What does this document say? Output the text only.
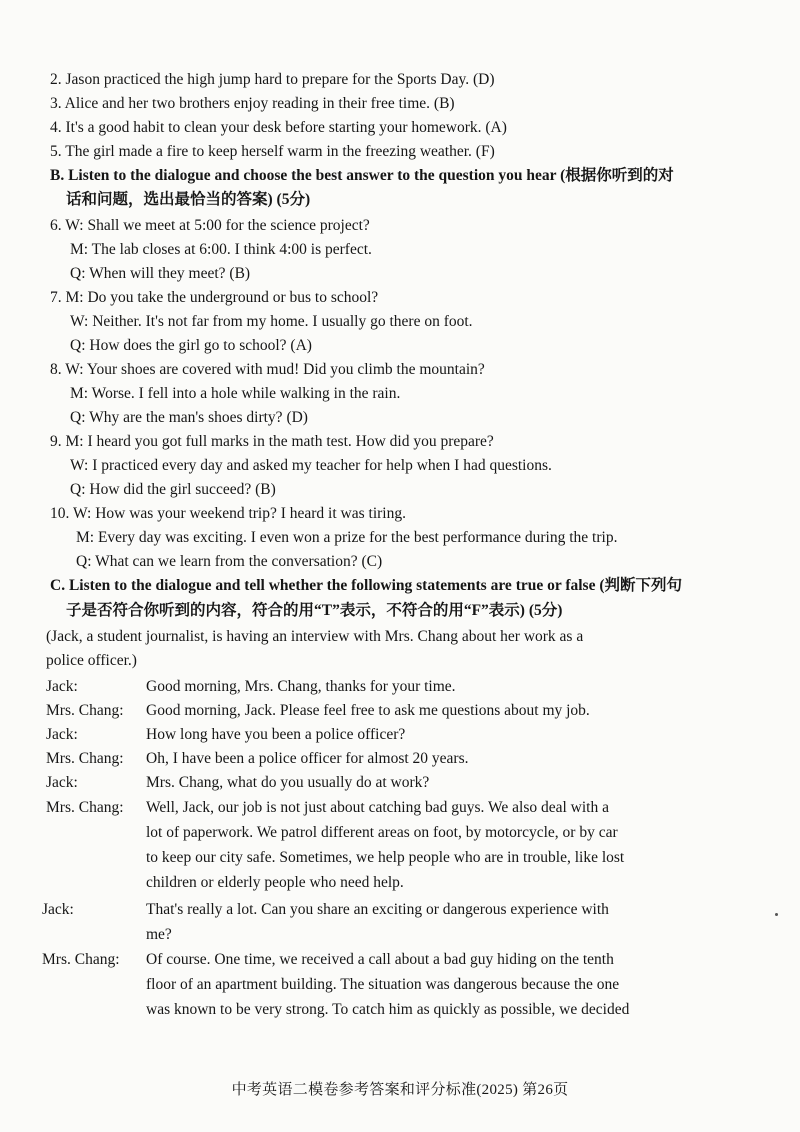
2. Jason practiced the high jump hard to prepare for the Sports Day. (D)
3. Alice and her two brothers enjoy reading in their free time. (B)
4. It's a good habit to clean your desk before starting your homework. (A)
5. The girl made a fire to keep herself warm in the freezing weather. (F)
B. Listen to the dialogue and choose the best answer to the question you hear (根据你听到的对
话和问题，选出最恰当的答案) (5分)
6. W: Shall we meet at 5:00 for the science project?
M: The lab closes at 6:00. I think 4:00 is perfect.
Q: When will they meet? (B)
7. M: Do you take the underground or bus to school?
W: Neither. It's not far from my home. I usually go there on foot.
Q: How does the girl go to school? (A)
8. W: Your shoes are covered with mud! Did you climb the mountain?
M: Worse. I fell into a hole while walking in the rain.
Q: Why are the man's shoes dirty? (D)
9. M: I heard you got full marks in the math test. How did you prepare?
W: I practiced every day and asked my teacher for help when I had questions.
Q: How did the girl succeed? (B)
10. W: How was your weekend trip? I heard it was tiring.
M: Every day was exciting. I even won a prize for the best performance during the trip.
Q: What can we learn from the conversation? (C)
C. Listen to the dialogue and tell whether the following statements are true or false (判断下列句
子是否符合你听到的内容，符合的用“T”表示，不符合的用“F”表示) (5分)
(Jack, a student journalist, is having an interview with Mrs. Chang about her work as a
police officer.)
Jack:	Good morning, Mrs. Chang, thanks for your time.
Mrs. Chang: Good morning, Jack. Please feel free to ask me questions about my job.
Jack:	How long have you been a police officer?
Mrs. Chang: Oh, I have been a police officer for almost 20 years.
Jack:	Mrs. Chang, what do you usually do at work?
Mrs. Chang: Well, Jack, our job is not just about catching bad guys. We also deal with a
lot of paperwork. We patrol different areas on foot, by motorcycle, or by car
to keep our city safe. Sometimes, we help people who are in trouble, like lost
children or elderly people who need help.
Jack:	That's really a lot. Can you share an exciting or dangerous experience with
me?
Mrs. Chang: Of course. One time, we received a call about a bad guy hiding on the tenth
floor of an apartment building. The situation was dangerous because the one
was known to be very strong. To catch him as quickly as possible, we decided
中考英语二模卷参考答案和评分标准(2025) 第26页
